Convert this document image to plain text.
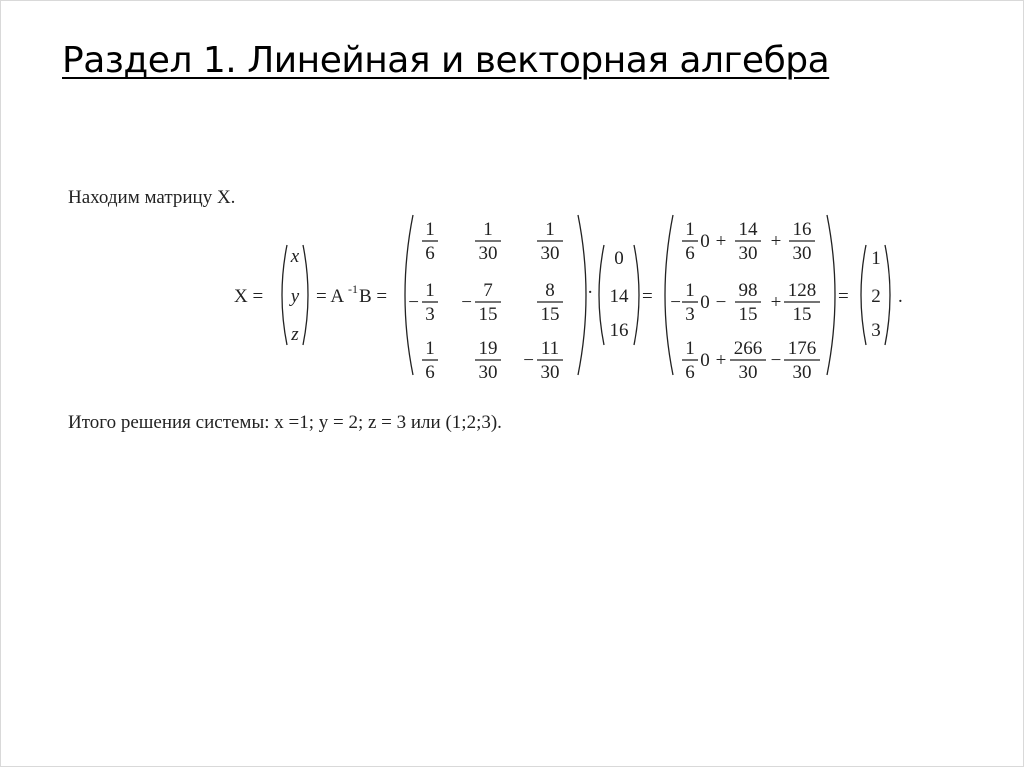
Раздел 1. Линейная и векторная алгебра
Находим матрицу X.
X =
x
y
z
= A -1 B =
1
6
1
30
1
30
−
1
3
−
7
15
8
15
1
6
19
30
−
11
30
·
0
14
16
=
1
6
0 +
14
30
+
16
30
−
1
3
0 −
98
15
+
128
15
1
6
0 +
266
30
−
176
30
=
1
2
3
.
Итого решения системы: x =1; y = 2; z = 3 или (1;2;3).
